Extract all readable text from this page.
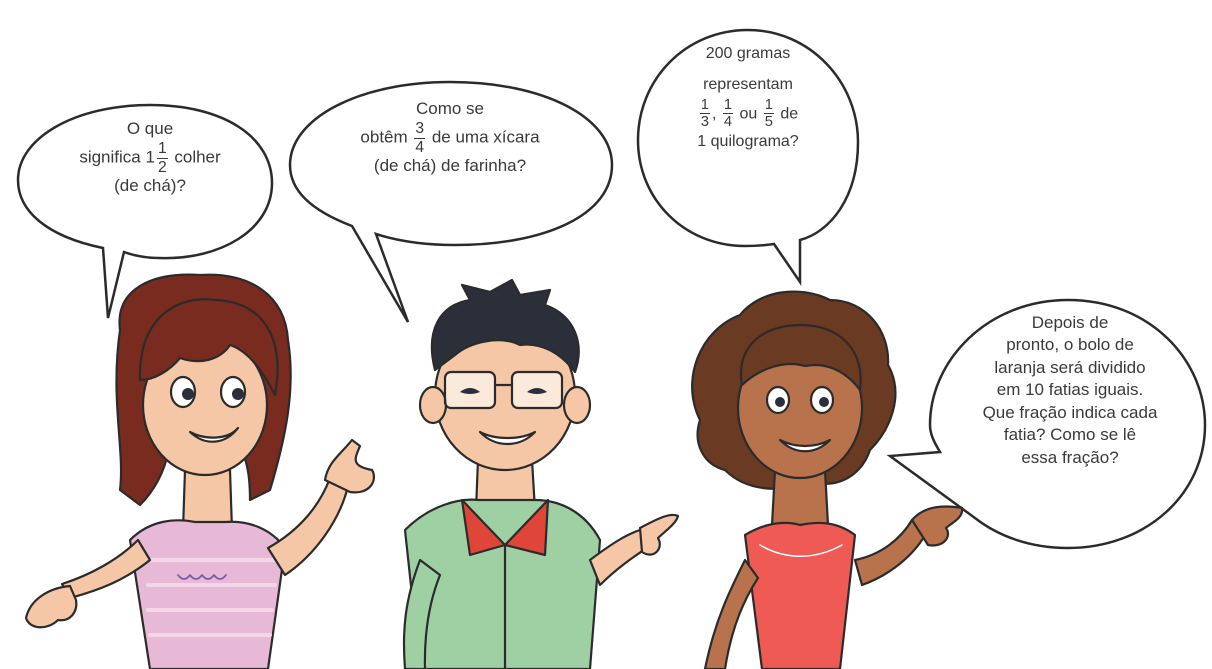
O que
significa $1 \frac{1}{2}$ colher
(de chá)?
Como se
obtêm $\frac{3}{4}$ de uma xícara
(de chá) de farinha?
200 gramas
representam
$\frac{1}{3}$ , $\frac{1}{4}$ ou $\frac{1}{5}$ de
1 quilograma?
Depois de
pronto, o bolo de
laranja será dividido
em 10 fatias iguais.
Que fração indica cada
fatia? Como se lê
essa fração?
